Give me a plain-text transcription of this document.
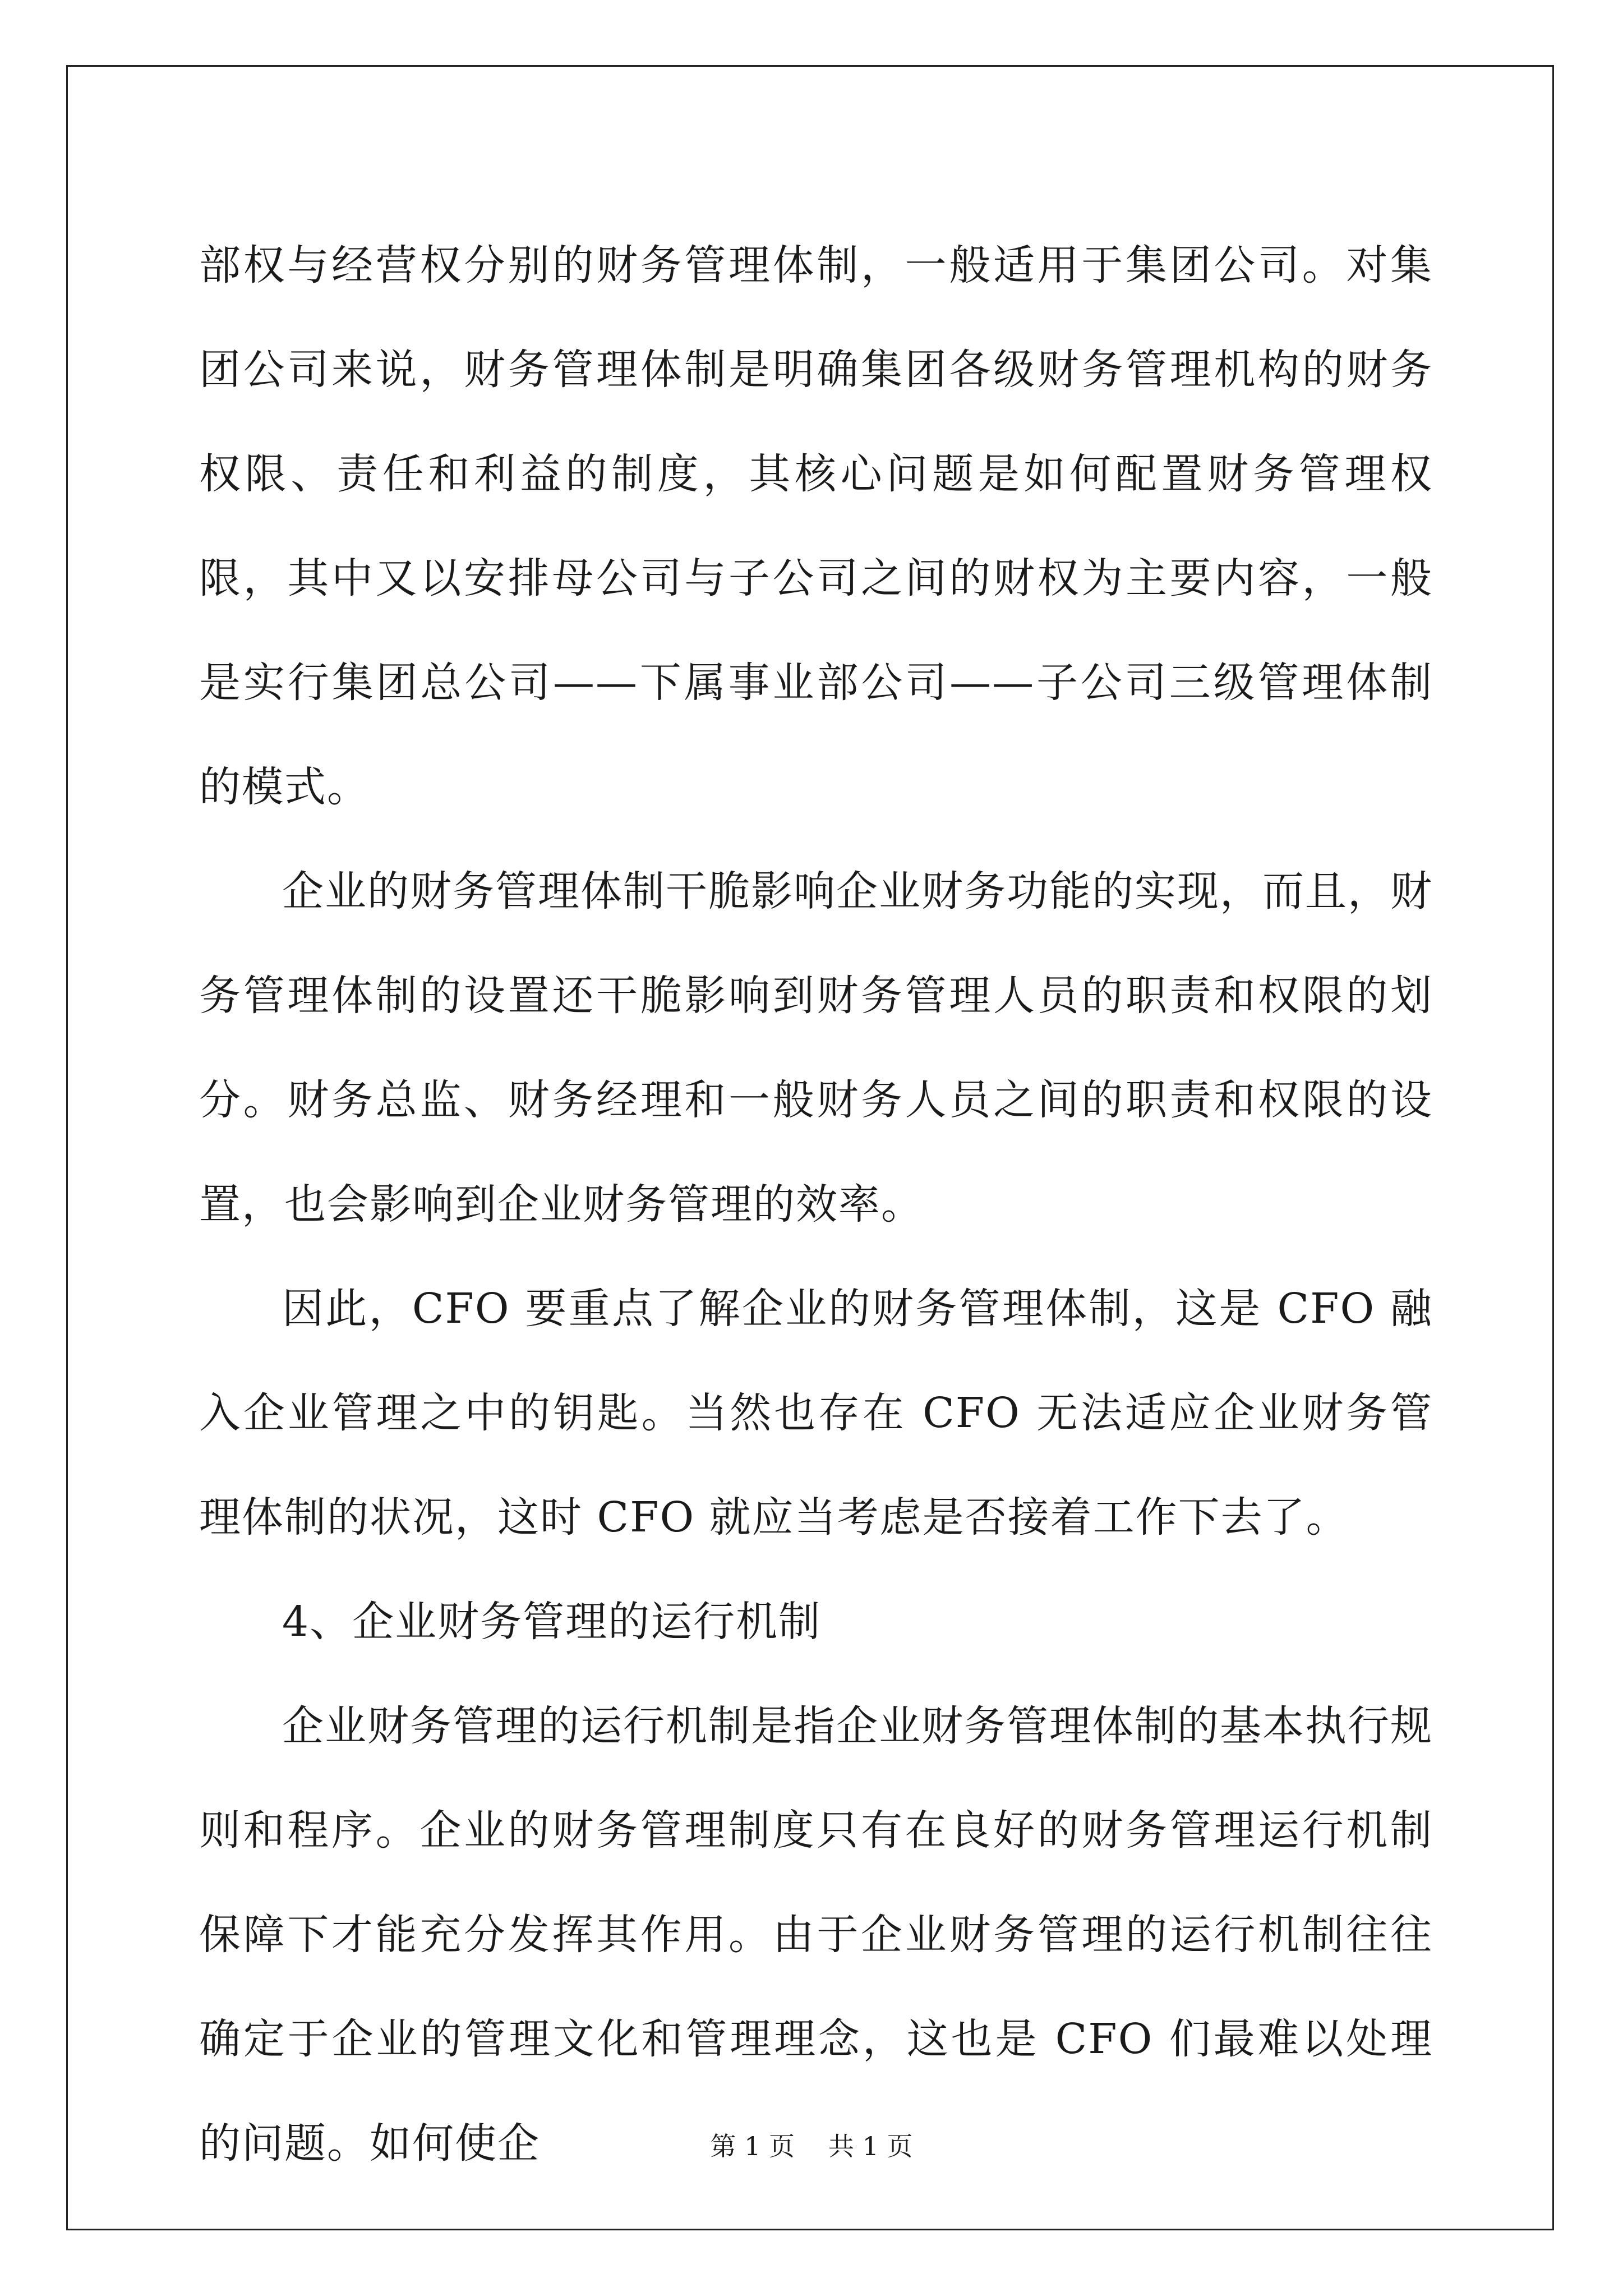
部权与经营权分别的财务管理体制，一般适用于集团公司。对集团公司来说，财务管理体制是明确集团各级财务管理机构的财务权限、责任和利益的制度，其核心问题是如何配置财务管理权限，其中又以安排母公司与子公司之间的财权为主要内容，一般是实行集团总公司——下属事业部公司——子公司三级管理体制的模式。

企业的财务管理体制干脆影响企业财务功能的实现，而且，财务管理体制的设置还干脆影响到财务管理人员的职责和权限的划分。财务总监、财务经理和一般财务人员之间的职责和权限的设置，也会影响到企业财务管理的效率。

因此，CFO 要重点了解企业的财务管理体制，这是 CFO 融入企业管理之中的钥匙。当然也存在 CFO 无法适应企业财务管理体制的状况，这时 CFO 就应当考虑是否接着工作下去了。

4、企业财务管理的运行机制

企业财务管理的运行机制是指企业财务管理体制的基本执行规则和程序。企业的财务管理制度只有在良好的财务管理运行机制保障下才能充分发挥其作用。由于企业财务管理的运行机制往往确定于企业的管理文化和管理理念，这也是 CFO 们最难以处理的问题。如何使企	第 1 页 共 1 页
